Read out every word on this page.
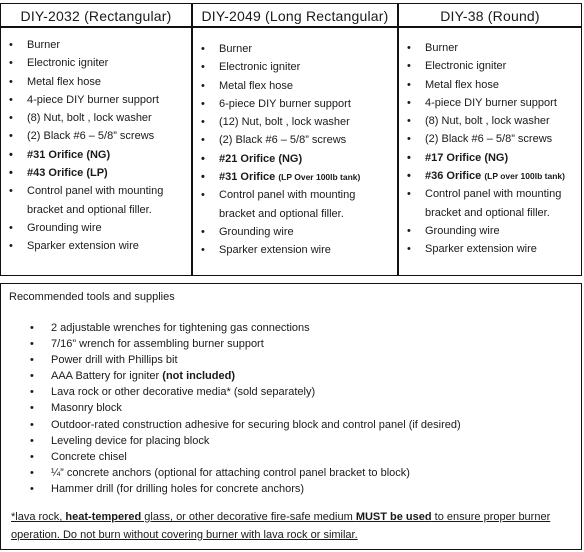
DIY-2032 (Rectangular)
• Burner
• Electronic igniter
• Metal flex hose
• 4-piece DIY burner support
• (8) Nut, bolt , lock washer
• (2) Black #6 – 5/8” screws
• #31 Orifice (NG)
• #43 Orifice (LP)
• Control panel with mounting bracket and optional filler.
• Grounding wire
• Sparker extension wire
DIY-2049 (Long Rectangular)
• Burner
• Electronic igniter
• Metal flex hose
• 6-piece DIY burner support
• (12) Nut, bolt , lock washer
• (2) Black #6 – 5/8” screws
• #21 Orifice (NG)
• #31 Orifice (LP Over 100lb tank)
• Control panel with mounting bracket and optional filler.
• Grounding wire
• Sparker extension wire
DIY-38 (Round)
• Burner
• Electronic igniter
• Metal flex hose
• 4-piece DIY burner support
• (8) Nut, bolt , lock washer
• (2) Black #6 – 5/8” screws
• #17 Orifice (NG)
• #36 Orifice (LP over 100lb tank)
• Control panel with mounting bracket and optional filler.
• Grounding wire
• Sparker extension wire
Recommended tools and supplies
• 2 adjustable wrenches for tightening gas connections
• 7/16” wrench for assembling burner support
• Power drill with Phillips bit
• AAA Battery for igniter (not included)
• Lava rock or other decorative media* (sold separately)
• Masonry block
• Outdoor-rated construction adhesive for securing block and control panel (if desired)
• Leveling device for placing block
• Concrete chisel
• ¼” concrete anchors (optional for attaching control panel bracket to block)
• Hammer drill (for drilling holes for concrete anchors)
*lava rock, heat-tempered glass, or other decorative fire-safe medium MUST be used to ensure proper burner operation. Do not burn without covering burner with lava rock or similar.
